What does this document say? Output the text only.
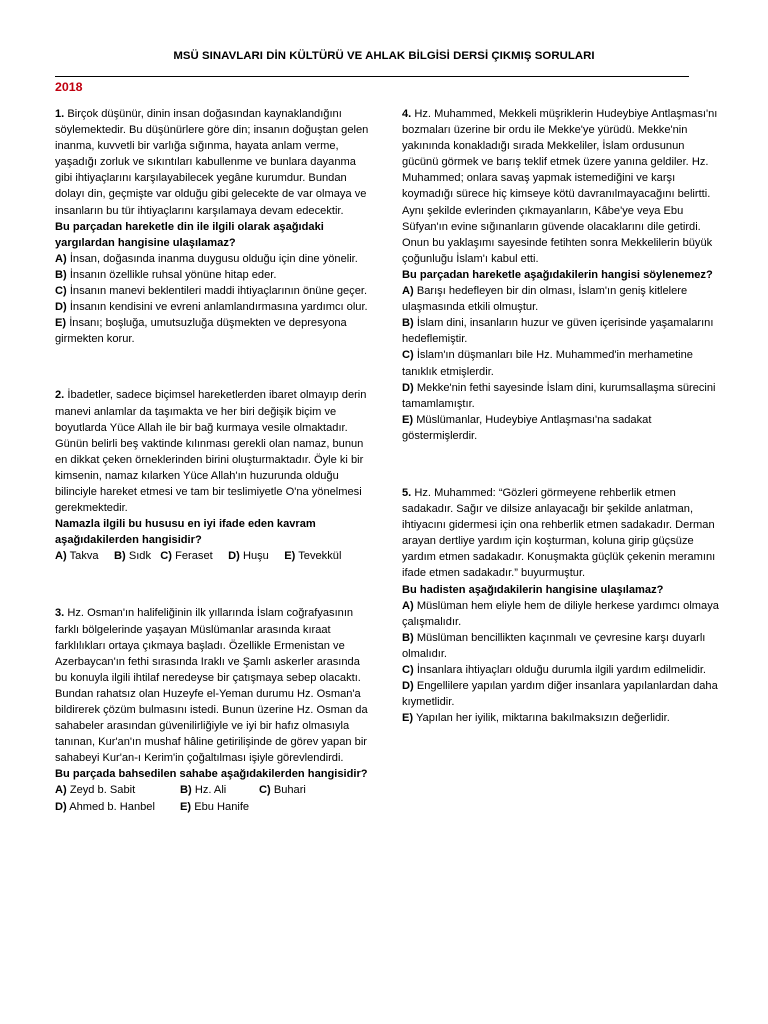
MSÜ SINAVLARI DİN KÜLTÜRÜ VE AHLAK BİLGİSİ DERSİ ÇIKMIŞ SORULARI
2018

1. Birçok düşünür, dinin insan doğasından kaynaklandığını söylemektedir. Bu düşünürlere göre din; insanın doğuştan gelen inanma, kuvvetli bir varlığa sığınma, hayata anlam verme, yaşadığı zorluk ve sıkıntıları kabullenme ve bunlara dayanma gibi ihtiyaçlarını karşılayabilecek yegâne kurumdur. Bundan dolayı din, geçmişte var olduğu gibi gelecekte de var olmaya ve insanların bu tür ihtiyaçlarını karşılamaya devam edecektir.

Bu parçadan hareketle din ile ilgili olarak aşağıdaki yargılardan hangisine ulaşılamaz?

A) İnsan, doğasında inanma duygusu olduğu için dine yönelir.

B) İnsanın özellikle ruhsal yönüne hitap eder.

C) İnsanın manevi beklentileri maddi ihtiyaçlarının önüne geçer.

D) İnsanın kendisini ve evreni anlamlandırmasına yardımcı olur.

E) İnsanı; boşluğa, umutsuzluğa düşmekten ve depresyona girmekten korur.

2. İbadetler, sadece biçimsel hareketlerden ibaret olmayıp derin manevi anlamlar da taşımakta ve her biri değişik biçim ve boyutlarda Yüce Allah ile bir bağ kurmaya vesile olmaktadır. Günün belirli beş vaktinde kılınması gerekli olan namaz, bunun en dikkat çeken örneklerinden birini oluşturmaktadır. Öyle ki bir kimsenin, namaz kılarken Yüce Allah'ın huzurunda olduğu bilinciyle hareket etmesi ve tam bir teslimiyetle O'na yönelmesi gerekmektedir.

Namazla ilgili bu hususu en iyi ifade eden kavram aşağıdakilerden hangisidir?

A) Takva B) Sıdk C) Feraset D) Huşu E) Tevekkül

3. Hz. Osman'ın halifeliğinin ilk yıllarında İslam coğrafyasının farklı bölgelerinde yaşayan Müslümanlar arasında kıraat farklılıkları ortaya çıkmaya başladı. Özellikle Ermenistan ve Azerbaycan'ın fethi sırasında Iraklı ve Şamlı askerler arasında bu konuyla ilgili ihtilaf neredeyse bir çatışmaya sebep olacaktı. Bundan rahatsız olan Huzeyfe el-Yeman durumu Hz. Osman'a bildirerek çözüm bulmasını istedi. Bunun üzerine Hz. Osman da sahabeler arasından güvenilirliğiyle ve iyi bir hafız olmasıyla tanınan, Kur'an'ın mushaf hâline getirilişinde de görev yapan bir sahabeyi Kur'an-ı Kerim'in çoğaltılması işiyle görevlendirdi.

Bu parçada bahsedilen sahabe aşağıdakilerden hangisidir?

A) Zeyd b. Sabit	B) Hz. Ali	C) Buhari

D) Ahmed b. Hanbel E) Ebu Hanife

4. Hz. Muhammed, Mekkeli müşriklerin Hudeybiye Antlaşması'nı bozmaları üzerine bir ordu ile Mekke'ye yürüdü. Mekke'nin yakınında konakladığı sırada Mekkeliler, İslam ordusunun gücünü görmek ve barış teklif etmek üzere yanına geldiler. Hz. Muhammed; onlara savaş yapmak istemediğini ve karşı koymadığı sürece hiç kimseye kötü davranılmayacağını belirtti. Aynı şekilde evlerinden çıkmayanların, Kâbe'ye veya Ebu Süfyan'ın evine sığınanların güvende olacaklarını dile getirdi. Onun bu yaklaşımı sayesinde fetihten sonra Mekkelilerin büyük çoğunluğu İslam'ı kabul etti.

Bu parçadan hareketle aşağıdakilerin hangisi söylenemez?

A) Barışı hedefleyen bir din olması, İslam'ın geniş kitlelere ulaşmasında etkili olmuştur.

B) İslam dini, insanların huzur ve güven içerisinde yaşamalarını hedeflemiştir.

C) İslam'ın düşmanları bile Hz. Muhammed'in merhametine tanıklık etmişlerdir.

D) Mekke'nin fethi sayesinde İslam dini, kurumsallaşma sürecini tamamlamıştır.

E) Müslümanlar, Hudeybiye Antlaşması'na sadakat göstermişlerdir.

5. Hz. Muhammed: “Gözleri görmeyene rehberlik etmen sadakadır. Sağır ve dilsize anlayacağı bir şekilde anlatman, ihtiyacını gidermesi için ona rehberlik etmen sadakadır. Derman arayan dertliye yardım için koşturman, koluna girip güçsüze yardım etmen sadakadır. Konuşmakta güçlük çekenin meramını ifade etmen sadakadır.” buyurmuştur.

Bu hadisten aşağıdakilerin hangisine ulaşılamaz?

A) Müslüman hem eliyle hem de diliyle herkese yardımcı olmaya çalışmalıdır.

B) Müslüman bencillikten kaçınmalı ve çevresine karşı duyarlı olmalıdır.

C) İnsanlara ihtiyaçları olduğu durumla ilgili yardım edilmelidir.

D) Engellilere yapılan yardım diğer insanlara yapılanlardan daha kıymetlidir.

E) Yapılan her iyilik, miktarına bakılmaksızın değerlidir.
